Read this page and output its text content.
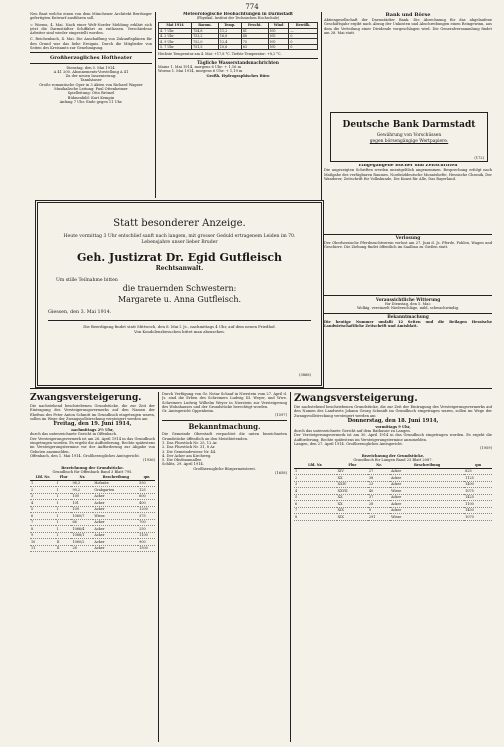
774
Neu Baut welche einen von dem Münchener Architekt Bruttinger gefertigten Entwurf ausführen soll.
= Worms, 4. Mai. Nach einer Welt-Norder Meldung erklärt sich jetzt die Darmstädter Schiffahrt zu entlassen. Verschiedene Arbeiter sind wieder eingestellt worden.
C. Reichenbach, 4. Mai. Die Anschaffung von Zukunftsplänen für den Grund war das liebe Ereignis. Durch die Mitglieder von Seiten des Kreisamts zur Genehmigung.
Großherzogliches Hoftheater
Dienstag, den 5. Mai 1914.
A 41 200. Abonnements-Vorstellung A 41
Zu der neuen Inszenierung:
Tannhäuser
Große romantische Oper in 3 Akten von Richard Wagner
Musikalische Leitung: Paul Ottenheimer
Spielleitung: Otto Brömel
Bühnenbild: Kurt Kempin
Anfang 7 Uhr. Ende gegen 11 Uhr.
Meteorologische Beobachtungen in Darmstadt
(Physikal. Institut der Technischen Hochschule)
Mai 1914	Barom.	Temp.	Feucht.	Wind	Bewölk.
4. 7 Uhr	754,8	11,2	81	NO	—
4. 2 Uhr	753,2	16,8	48	NO	0
4. 9 Uhr	752,0	12,4	75	NO	0
5. 7 Uhr	751,5	10,8	83	NO	0
Höchste Temperatur am 4. Mai: +17,8 °C. Tiefste Temperatur: +8,2 °C.
Tägliche Wasserstandsnachrichten
Mainz 1. Mai 1914, morgens 6 Uhr: + 1,16 m
Worms 1. Mai 1914, morgens 6 Uhr: + 1,19 m
Großh. Hydrographisches Büro
Bank und Börse
Aktiengesellschaft der Darmstädter Bank. Die Abrechnung für das abgelaufene Geschäftsjahr ergibt nach Abzug der Unkosten und Abschreibungen einen Reingewinn, aus dem die Verteilung einer Dividende vorgeschlagen wird. Die Generalversammlung findet am 28. Mai statt.
Deutsche Bank Darmstadt
Gewährung von Vorschüssen
gegen börsengängige Wertpapiere.
(172)
Eingegangene Bücher und Zeitschriften
Die angezeigten Schriften werden unentgeltlich angenommen. Besprechung erfolgt nach Maßgabe des verfügbaren Raumes. Nordsüddeutsche Monatshefte, Hessische Chronik, Der Wanderer, Zeitschrift für Volkskunde, Die Kunst für Alle, Das Bayerland.
Verlosung
Der Oberhessische Pferdezuchtverein verlost am 27. Juni d. Js. Pferde, Fohlen, Wagen und Geschirre. Die Ziehung findet öffentlich im Saalbau zu Gießen statt.
Voraussichtliche Witterung
für Dienstag, den 5. Mai:
Wolkig, vereinzelt Niederschläge, mild, schwachwindig.
Bekanntmachung
Die heutige Nummer umfaßt 12 Seiten und die Beilagen Hessische Landwirtschaftliche Zeitschrift und Amtsblatt.
Statt besonderer Anzeige.
Heute vormittag 3 Uhr entschlief sanft nach langem, mit grosser Geduld ertragenem Leiden im 70. Lebensjahre unser lieber Bruder
Geh. Justizrat Dr. Egid Gutfleisch
Rechtsanwalt.
Um stille Teilnahme bitten
die trauernden Schwestern:
Margarete u. Anna Gutfleisch.
Giessen, den 3. Mai 1914.
Die Beerdigung findet statt Mittwoch, den 6. Mai l. Js., nachmittags 4 Uhr, auf dem neuen Friedhof.
Von Kondolenzbesuchen bittet man abzusehen.
(3868)
Zwangsversteigerung.
Die nachstehend beschriebenen Grundstücke, die zur Zeit der Eintragung des Versteigerungsvermerks auf den Namen der Ehefrau des Peter Anton Schmitt im Grundbuch eingetragen waren, sollen im Wege der Zwangsvollstreckung versteigert werden am
Freitag, den 19. Juni 1914,
nachmittags 2½ Uhr,
durch das unterzeichnete Gericht in Offenbach.
Der Versteigerungsvermerk ist am 26. April 1914 in das Grundbuch eingetragen worden. Es ergeht die Aufforderung, Rechte spätestens im Versteigerungstermine vor der Aufforderung zur Abgabe von Geboten anzumelden.
Offenbach, den 1. Mai 1914. Großherzogliches Amtsgericht.
(1936)
Bezeichnung der Grundstücke.
Grundbuch für Offenbach Band 3 Blatt 795.
Lfd. Nr.	Flur	Nr.	Beschreibung	qm
1	I	98,3	Hofraite	550
2	I	99,2	Grabgarten	125
3	I	100	Acker	600
4	I	101	Acker	400
5	I	109	Acker	1200
6	I	1060/7	Wiese	375
7	I	66	Acker	700
8	I	1066/4	Acker	250
9	I	1088/1	Acker	1100
10	II	1080/2	Acker	900
11	II	28	Acker	1500
Durch Verfügung von Gr. Notar Schaaf in Nierstein vom 27. April d. Js. sind die Erben des Schreiners Ludwig III. Weyer, und Wwe. Schreiners Ludwig Wilhelm Weyer in Nierstein zur Versteigerung des Wohnhauses und der Grundstücke berechtigt worden.
Gr. Amtsgericht Oppenheim.
(1597)
Bekanntmachung.
Die Gemeinde Oberstadt verpachtet die unten bezeichneten Grundstücke öffentlich an den Meistbietenden.
1. Das Flurstück Nr. 25, 12 Ar.
2. Das Flurstück Nr. 31, 8 Ar.
3. Die Gemeindewiese Nr. 44.
4. Der Acker am Kirchweg.
5. Die Obstbaumallee.
Schlitz, 29. April 1914.
Großherzogliche Bürgermeisterei.
(1658)
Zwangsversteigerung.
Die nachstehend beschriebenen Grundstücke, die zur Zeit der Eintragung des Versteigerungsvermerks auf den Namen des Landwirts Johann Georg Schmidt im Grundbuch eingetragen waren, sollen im Wege der Zwangsvollstreckung versteigert werden am
Donnerstag, den 18. Juni 1914,
vormittags 9 Uhr,
durch das unterzeichnete Gericht auf dem Rathause zu Langen.
Der Versteigerungsvermerk ist am 30. April 1914 in das Grundbuch eingetragen worden. Es ergeht die Aufforderung, Rechte spätestens im Versteigerungstermine anzumelden.
Langen, den 27. April 1914. Großherzogliches Amtsgericht.
(1959)
Bezeichnung der Grundstücke.
Grundbuch für Langen Band 23 Blatt 2087.
Lfd. Nr.	Flur	Nr.	Beschreibung	qm
1	XIV	27	Acker	825
2	XX	38	Acker	1125
3	XXIV	23	Acker	1400
4	XXVII	40	Wiese	1075
5	XX	37	Acker	1425
6	XX	28	Acker	1100
7	XIX	9	Acker	1450
8	XIX	291	Wiese	1070
